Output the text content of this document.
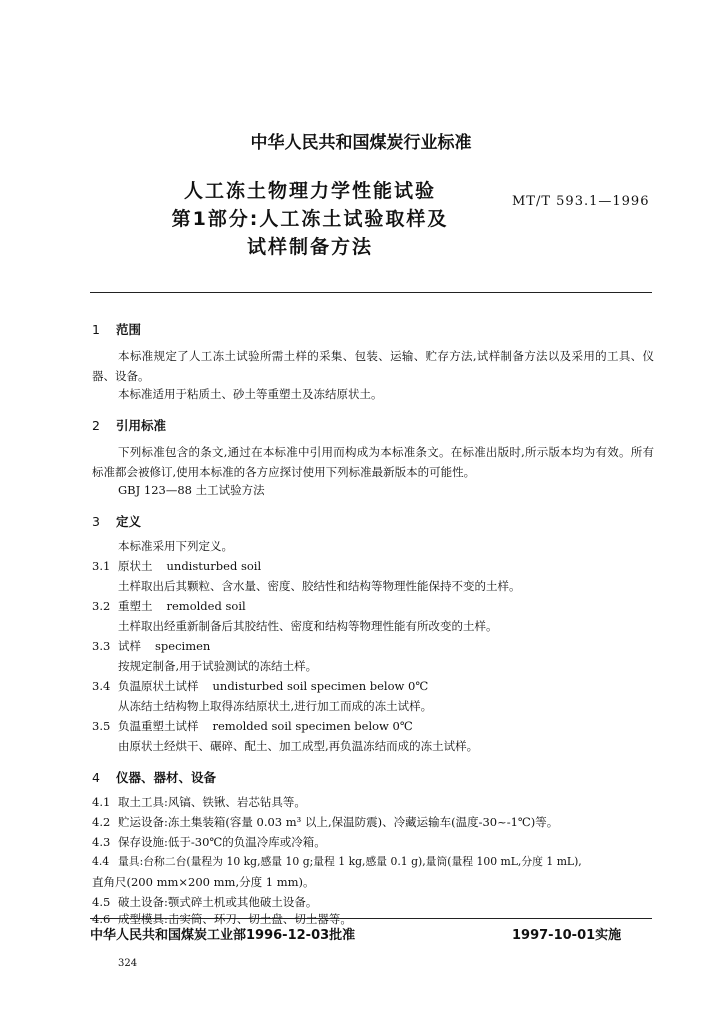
中华人民共和国煤炭行业标准
人工冻土物理力学性能试验
第1部分:人工冻土试验取样及
试样制备方法
MT/T 593.1—1996
1 范围
本标准规定了人工冻土试验所需土样的采集、包装、运输、贮存方法,试样制备方法以及采用的工具、仪器、设备。
本标准适用于粘质土、砂土等重塑土及冻结原状土。
2 引用标准
下列标准包含的条文,通过在本标准中引用而构成为本标准条文。在标准出版时,所示版本均为有效。所有标准都会被修订,使用本标准的各方应探讨使用下列标准最新版本的可能性。
GBJ 123—88 土工试验方法
3 定义
本标准采用下列定义。
3.1 原状土 undisturbed soil
土样取出后其颗粒、含水量、密度、胶结性和结构等物理性能保持不变的土样。
3.2 重塑土 remolded soil
土样取出经重新制备后其胶结性、密度和结构等物理性能有所改变的土样。
3.3 试样 specimen
按规定制备,用于试验测试的冻结土样。
3.4 负温原状土试样 undisturbed soil specimen below 0℃
从冻结土结构物上取得冻结原状土,进行加工而成的冻土试样。
3.5 负温重塑土试样 remolded soil specimen below 0℃
由原状土经烘干、碾碎、配土、加工成型,再负温冻结而成的冻土试样。
4 仪器、器材、设备
4.1 取土工具:风镐、铁锹、岩芯钻具等。
4.2 贮运设备:冻土集装箱(容量 0.03 m³ 以上,保温防震)、冷藏运输车(温度-30~-1℃)等。
4.3 保存设施:低于-30℃的负温冷库或冷箱。
4.4 量具:台称二台(量程为 10 kg,感量 10 g;量程 1 kg,感量 0.1 g),量筒(量程 100 mL,分度 1 mL),
直角尺(200 mm×200 mm,分度 1 mm)。
4.5 破土设备:颚式碎土机或其他破土设备。
4.6 成型模具:击实筒、环刀、切土盘、切土器等。
中华人民共和国煤炭工业部1996-12-03批准	1997-10-01实施
324
